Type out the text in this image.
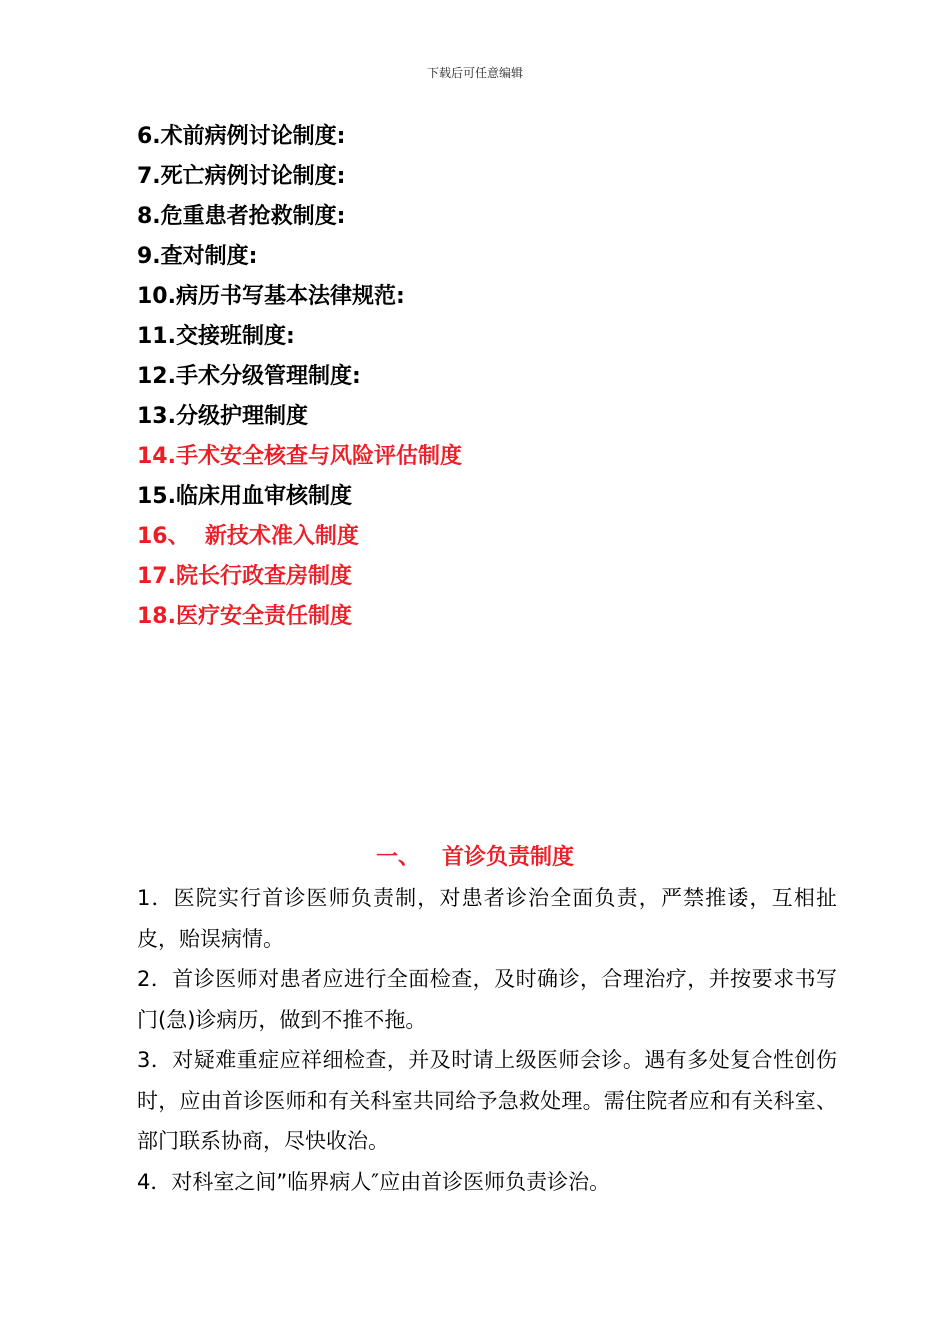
下载后可任意编辑
6.术前病例讨论制度:
7.死亡病例讨论制度:
8.危重患者抢救制度:
9.查对制度:
10.病历书写基本法律规范:
11.交接班制度:
12.手术分级管理制度:
13.分级护理制度
14.手术安全核查与风险评估制度
15.临床用血审核制度
16、  新技术准入制度
17.院长行政查房制度
18.医疗安全责任制度
一、 首诊负责制度

1．医院实行首诊医师负责制，对患者诊治全面负责，严禁推诿，互相扯皮，贻误病情。

2．首诊医师对患者应进行全面检查，及时确诊，合理治疗，并按要求书写门(急)诊病历，做到不推不拖。

3．对疑难重症应祥细检查，并及时请上级医师会诊。遇有多处复合性创伤时，应由首诊医师和有关科室共同给予急救处理。需住院者应和有关科室、 部门联系协商，尽快收治。

4．对科室之间”临界病人″应由首诊医师负责诊治。
